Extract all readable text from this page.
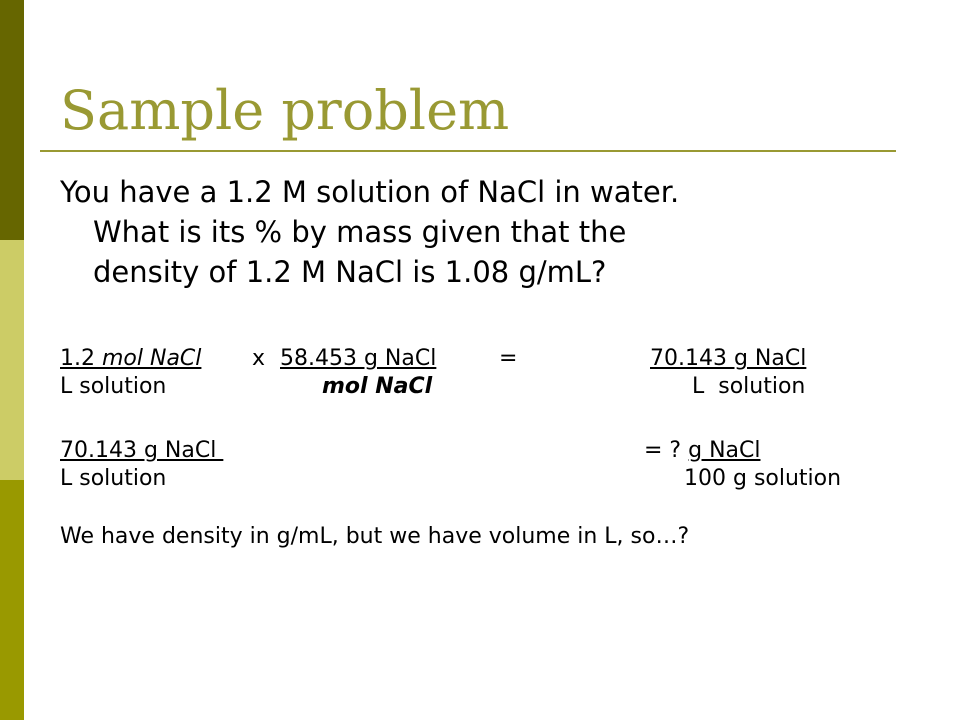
Sample problem
You have a 1.2 M solution of NaCl in water.
What is its % by mass given that the
density of 1.2 M NaCl is 1.08 g/mL?
1.2 mol NaCl
L solution
x 58.453 g NaCl
mol NaCl
=	70.143 g NaCl
L  solution
70.143 g NaCl
L solution
= ? g NaCl
100 g solution
We have density in g/mL, but we have volume in L, so…?
